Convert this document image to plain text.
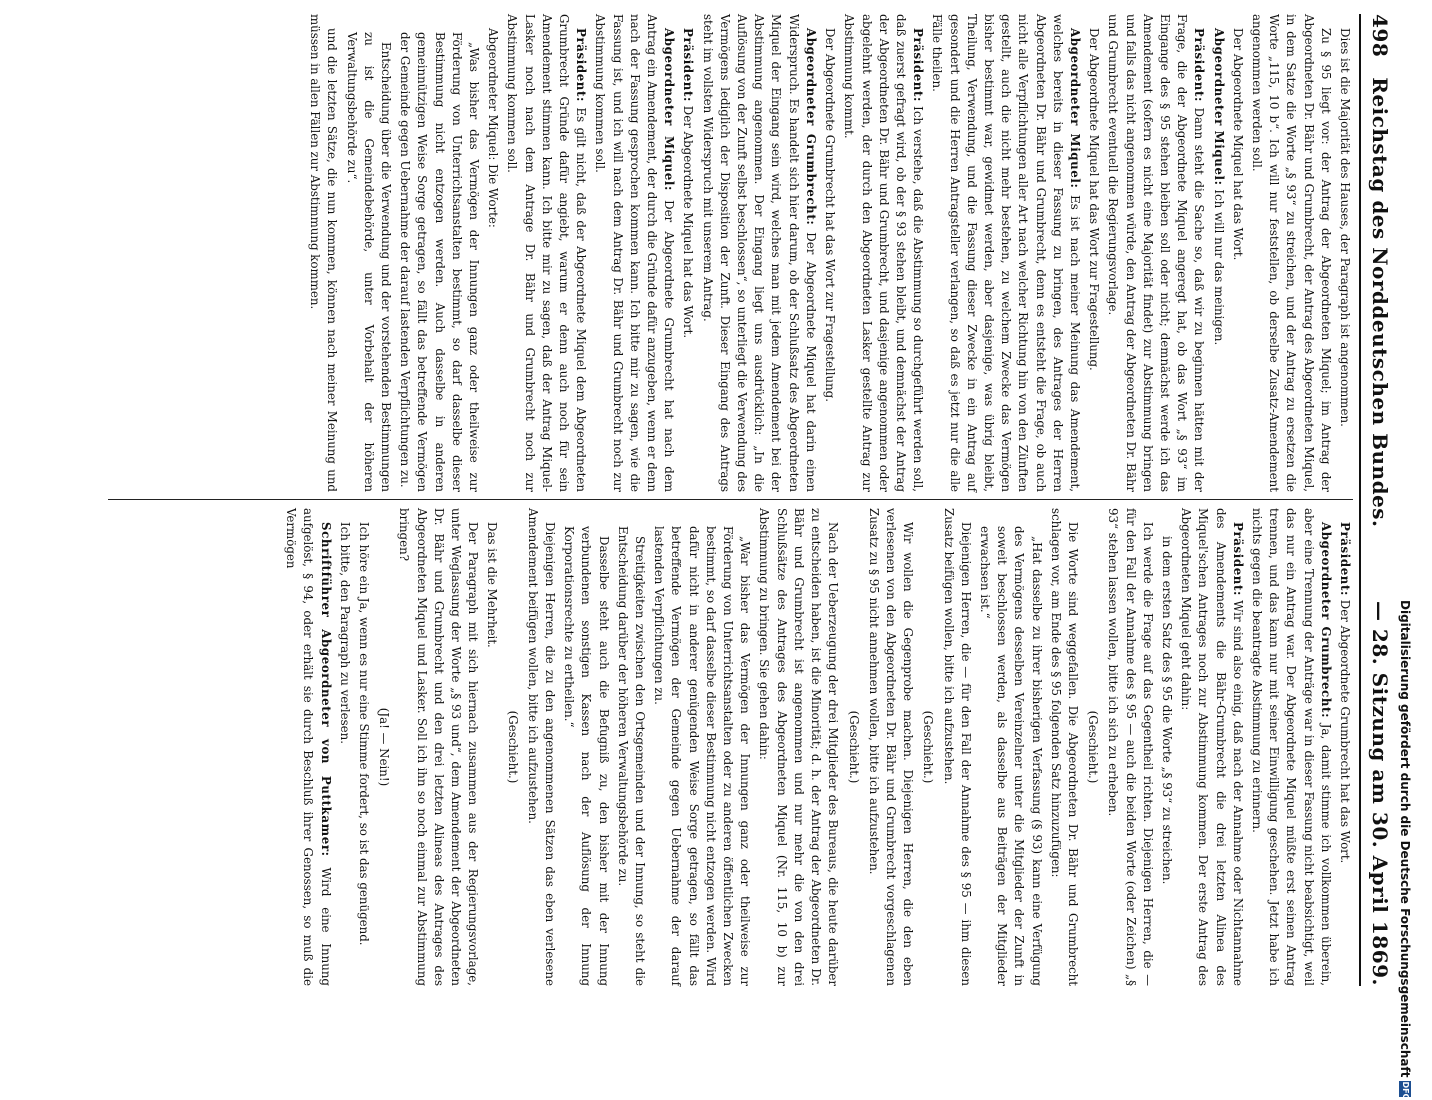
498
Reichstag des Norddeutschen Bundes.
— 28. Sitzung am 30. April 1869.

Dies ist die Majorität des Hauses, der Paragraph ist angenommen.

Zu § 95 liegt vor: der Antrag der Abgeordneten Miquel; im Antrag der Abgeordneten Dr. Bähr und Grumbrecht, der Antrag des Abgeordneten Miquel, in dem Satze die Worte „§ 93“ zu streichen, und der Antrag zu ersetzen die Worte „115, 10 b“. Ich will nur feststellen, ob derselbe Zusatz-Amendement angenommen werden soll.

Der Abgeordnete Miquel hat das Wort.

Abgeordneter Miquel: Ich will nur das meinigen.

Präsident: Dann steht die Sache so, daß wir zu beginnen hätten mit der Frage, die der Abgeordnete Miquel angeregt hat, ob das Wort „§ 93“ im Eingange des § 95 stehen bleiben soll oder nicht; demnächst werde ich das Amendement (sofern es nicht eine Majorität findet) zur Abstimmung bringen und falls das nicht angenommen würde, den Antrag der Abgeordneten Dr. Bähr und Grumbrecht eventuell die Regierungsvorlage.

Der Abgeordnete Miquel hat das Wort zur Fragestellung.

Abgeordneter Miquel: Es ist nach meiner Meinung das Amendement, welches bereits in dieser Fassung zu bringen, des Antrages der Herren Abgeordneten Dr. Bähr und Grumbrecht, denn es entsteht die Frage, ob auch nicht alle Verpflichtungen aller Art nach welcher Richtung hin von den Zünften gestellt, auch die nicht mehr bestehen, zu welchem Zwecke das Vermögen bisher bestimmt war, gewidmet werden, aber dasjenige, was übrig bleibt, Theilung, Verwendung, und die Fassung dieser Zwecke in ein Antrag auf gesondert und die Herren Antragsteller verlangen, so daß es jetzt nur die alle Fälle theilen.

Präsident: Ich verstehe, daß die Abstimmung so durchgeführt werden soll, daß zuerst gefragt wird, ob der § 93 stehen bleibt, und demnächst der Antrag der Abgeordneten Dr. Bähr und Grumbrecht, und dasjenige angenommen oder abgelehnt werden, der durch den Abgeordneten Lasker gestellte Antrag zur Abstimmung kommt.

Der Abgeordnete Grumbrecht hat das Wort zur Fragestellung.

Abgeordneter Grumbrecht: Der Abgeordnete Miquel hat darin einen Widerspruch. Es handelt sich hier darum, ob der Schlußsatz des Abgeordneten Miquel der Eingang sein wird, welches man mit jedem Amendement bei der Abstimmung angenommen. Der Eingang liegt uns ausdrücklich: „In die Auflösung von der Zunft selbst beschlossen“, so unterliegt die Verwendung des Vermögens lediglich der Disposition der Zunft. Dieser Eingang des Antrags steht im vollsten Widerspruch mit unserem Antrag.

Präsident: Der Abgeordnete Miquel hat das Wort.

Abgeordneter Miquel: Der Abgeordnete Grumbrecht hat nach dem Antrag ein Amendement, der durch die Gründe dafür anzugeben, wenn er denn nach der Fassung gesprochen kommen kann. Ich bitte mir zu sagen, wie die Fassung ist, und ich will nach dem Antrag Dr. Bähr und Grumbrecht noch zur Abstimmung kommen soll.

Präsident: Es gilt nicht, daß der Abgeordnete Miquel dem Abgeordneten Grumbrecht Gründe dafür angiebt, warum er denn auch noch für sein Amendement stimmen kann. Ich bitte mir zu sagen, daß der Antrag Miquel-Lasker noch nach dem Antrage Dr. Bähr und Grumbrecht noch zur Abstimmung kommen soll.

Abgeordneter Miquel: Die Worte:

„Was bisher das Vermögen der Innungen ganz oder theilweise zur Förderung von Unterrichtsanstalten bestimmt, so darf dasselbe dieser Bestimmung nicht entzogen werden. Auch dasselbe in anderen gemeinnützigen Weise Sorge getragen, so fällt das betreffende Vermögen der Gemeinde gegen Uebernahme der darauf lastenden Verpflichtungen zu.

Entscheidung über die Verwendung und der vorstehenden Bestimmungen zu ist die Gemeindebehörde, unter Vorbehalt der höheren Verwaltungsbehörde zu“.

und die letzten Sätze, die nun kommen, können nach meiner Meinung und müssen in allen Fällen zur Abstimmung kommen.

Präsident: Der Abgeordnete Grumbrecht hat das Wort.

Abgeordneter Grumbrecht: Ja, damit stimme ich vollkommen überein, aber eine Trennung der Anträge war in dieser Fassung nicht beabsichtigt, weil das nur ein Antrag war. Der Abgeordnete Miquel müßte erst seinen Antrag trennen, und das kann nur mit seiner Einwilligung geschehen. Jetzt habe ich nichts gegen die beantragte Abstimmung zu erinnern.

Präsident: Wir sind also einig, daß nach der Annahme oder Nichtannahme des Amendements die Bähr-Grumbrecht die drei letzten Alinea des Miquel'schen Antrages noch zur Abstimmung kommen. Der erste Antrag des Abgeordneten Miquel geht dahin:

in dem ersten Satz des § 95 die Worte „§ 93“ zu streichen.

Ich werde die Frage auf das Gegentheil richten. Diejenigen Herren, die — für den Fall der Annahme des § 95 — auch die beiden Worte (oder Zeichen) „§ 93“ stehen lassen wollen, bitte ich sich zu erheben.

(Geschieht.)

Die Worte sind weggefallen. Die Abgeordneten Dr. Bähr und Grumbrecht schlagen vor, am Ende des § 95 folgenden Satz hinzuzufügen:

„Hat dasselbe zu ihrer bisherigen Verfassung (§ 93) kann eine Verfügung des Vermögens desselben Vereinzelner unter die Mitglieder der Zunft in soweit beschlossen werden, als dasselbe aus Beiträgen der Mitglieder erwachsen ist.“

Diejenigen Herren, die — für den Fall der Annahme des § 95 — ihm diesen Zusatz beifügen wollen, bitte ich aufzustehen.

(Geschieht.)

Wir wollen die Gegenprobe machen. Diejenigen Herren, die den eben verlesenen von den Abgeordneten Dr. Bähr und Grumbrecht vorgeschlagenen Zusatz zu § 95 nicht annehmen wollen, bitte ich aufzustehen.

(Geschieht.)

Nach der Ueberzeugung der drei Mitglieder des Bureaus, die heute darüber zu entscheiden haben, ist die Minorität; d. h. der Antrag der Abgeordneten Dr. Bähr und Grumbrecht ist angenommen und nur mehr die von den drei Schlußsätze des Antrages des Abgeordneten Miquel (Nr. 115, 10 b) zur Abstimmung zu bringen. Sie gehen dahin:

„War bisher das Vermögen der Innungen ganz oder theilweise zur Förderung von Unterrichtsanstalten oder zu anderen öffentlichen Zwecken bestimmt, so darf dasselbe dieser Bestimmung nicht entzogen werden. Wird dafür nicht in anderer genügenden Weise Sorge getragen, so fällt das betreffende Vermögen der Gemeinde gegen Uebernahme der darauf lastenden Verpflichtungen zu.

Streitigkeiten zwischen den Ortsgemeinden und der Innung, so steht die Entscheidung darüber der höheren Verwaltungsbehörde zu.

Dasselbe steht auch die Befugniß zu, den bisher mit der Innung verbundenen sonstigen Kassen nach der Auflösung der Innung Korporationsrechte zu ertheilen.“

Diejenigen Herren, die zu den angenommenen Sätzen das eben verlesene Amendement beifügen wollen, bitte ich aufzustehen.

(Geschieht.)

Das ist die Mehrheit.

Der Paragraph mit sich hiernach zusammen aus der Regierungsvorlage, unter Weglassung der Worte „§ 93 und“, dem Amendement der Abgeordneten Dr. Bähr und Grumbrecht und den drei letzten Alineas des Antrages des Abgeordneten Miquel und Lasker. Soll ich ihn so noch einmal zur Abstimmung bringen?

(Ja! — Nein!)

Ich höre ein Ja, wenn es nur eine Stimme fordert, so ist das genügend.

Ich bitte, den Paragraph zu verlesen.

Schriftführer Abgeordneter von Puttkamer: Wird eine Innung aufgelöst, § 94, oder erhält sie durch Beschluß ihrer Genossen, so muß die Vermögen

Digitalisierung gefördert durch die Deutsche Forschungsgemeinschaft
DFG
